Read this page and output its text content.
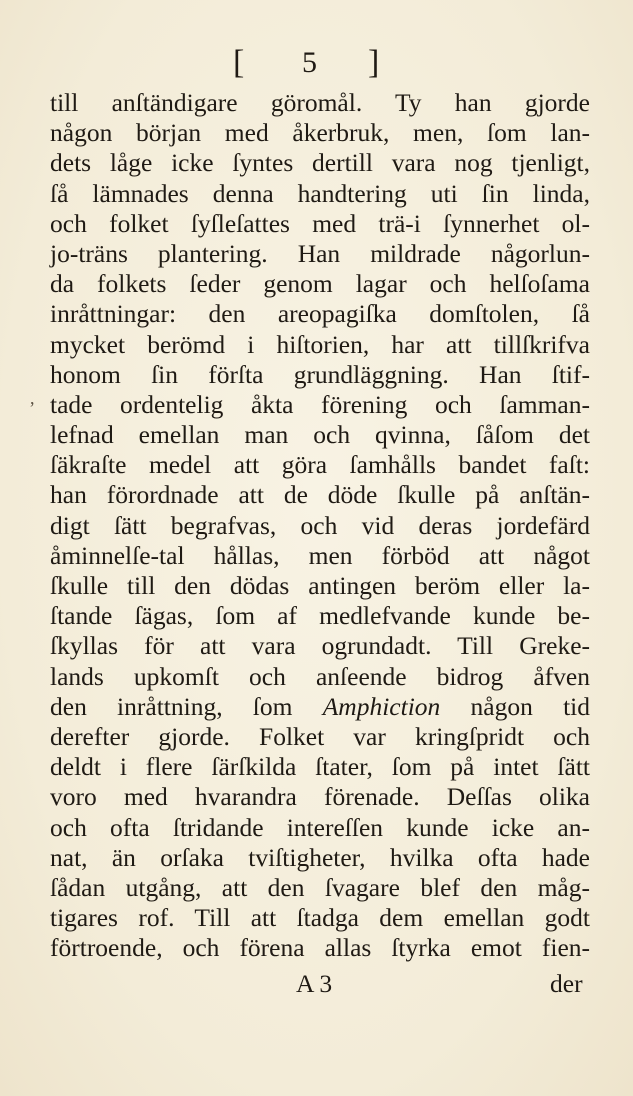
[ 5 ]
,
till anſtändigare göromål. Ty han gjorde
någon början med åkerbruk, men, ſom lan-
dets låge icke ſyntes dertill vara nog tjenligt,
ſå lämnades denna handtering uti ſin linda,
och folket ſyſleſattes med trä-i ſynnerhet ol-
jo-träns plantering. Han mildrade någorlun-
da folkets ſeder genom lagar och helſoſama
inråttningar: den areopagiſka domſtolen, ſå
mycket berömd i hiſtorien, har att tillſkrifva
honom ſin förſta grundläggning. Han ſtif-
tade ordentelig åkta förening och ſamman-
lefnad emellan man och qvinna, ſåſom det
ſäkraſte medel att göra ſamhålls bandet faſt:
han förordnade att de döde ſkulle på anſtän-
digt ſätt begrafvas, och vid deras jordefärd
åminnelſe-tal hållas, men förböd att något
ſkulle till den dödas antingen beröm eller la-
ſtande ſägas, ſom af medlefvande kunde be-
ſkyllas för att vara ogrundadt. Till Greke-
lands upkomſt och anſeende bidrog åfven
den inråttning, ſom Amphiction någon tid
derefter gjorde. Folket var kringſpridt och
deldt i flere ſärſkilda ſtater, ſom på intet ſätt
voro med hvarandra förenade. Deſſas olika
och ofta ſtridande intereſſen kunde icke an-
nat, än orſaka tviſtigheter, hvilka ofta hade
ſådan utgång, att den ſvagare blef den måg-
tigares rof. Till att ſtadga dem emellan godt
förtroende, och förena allas ſtyrka emot fien-
A 3	der
